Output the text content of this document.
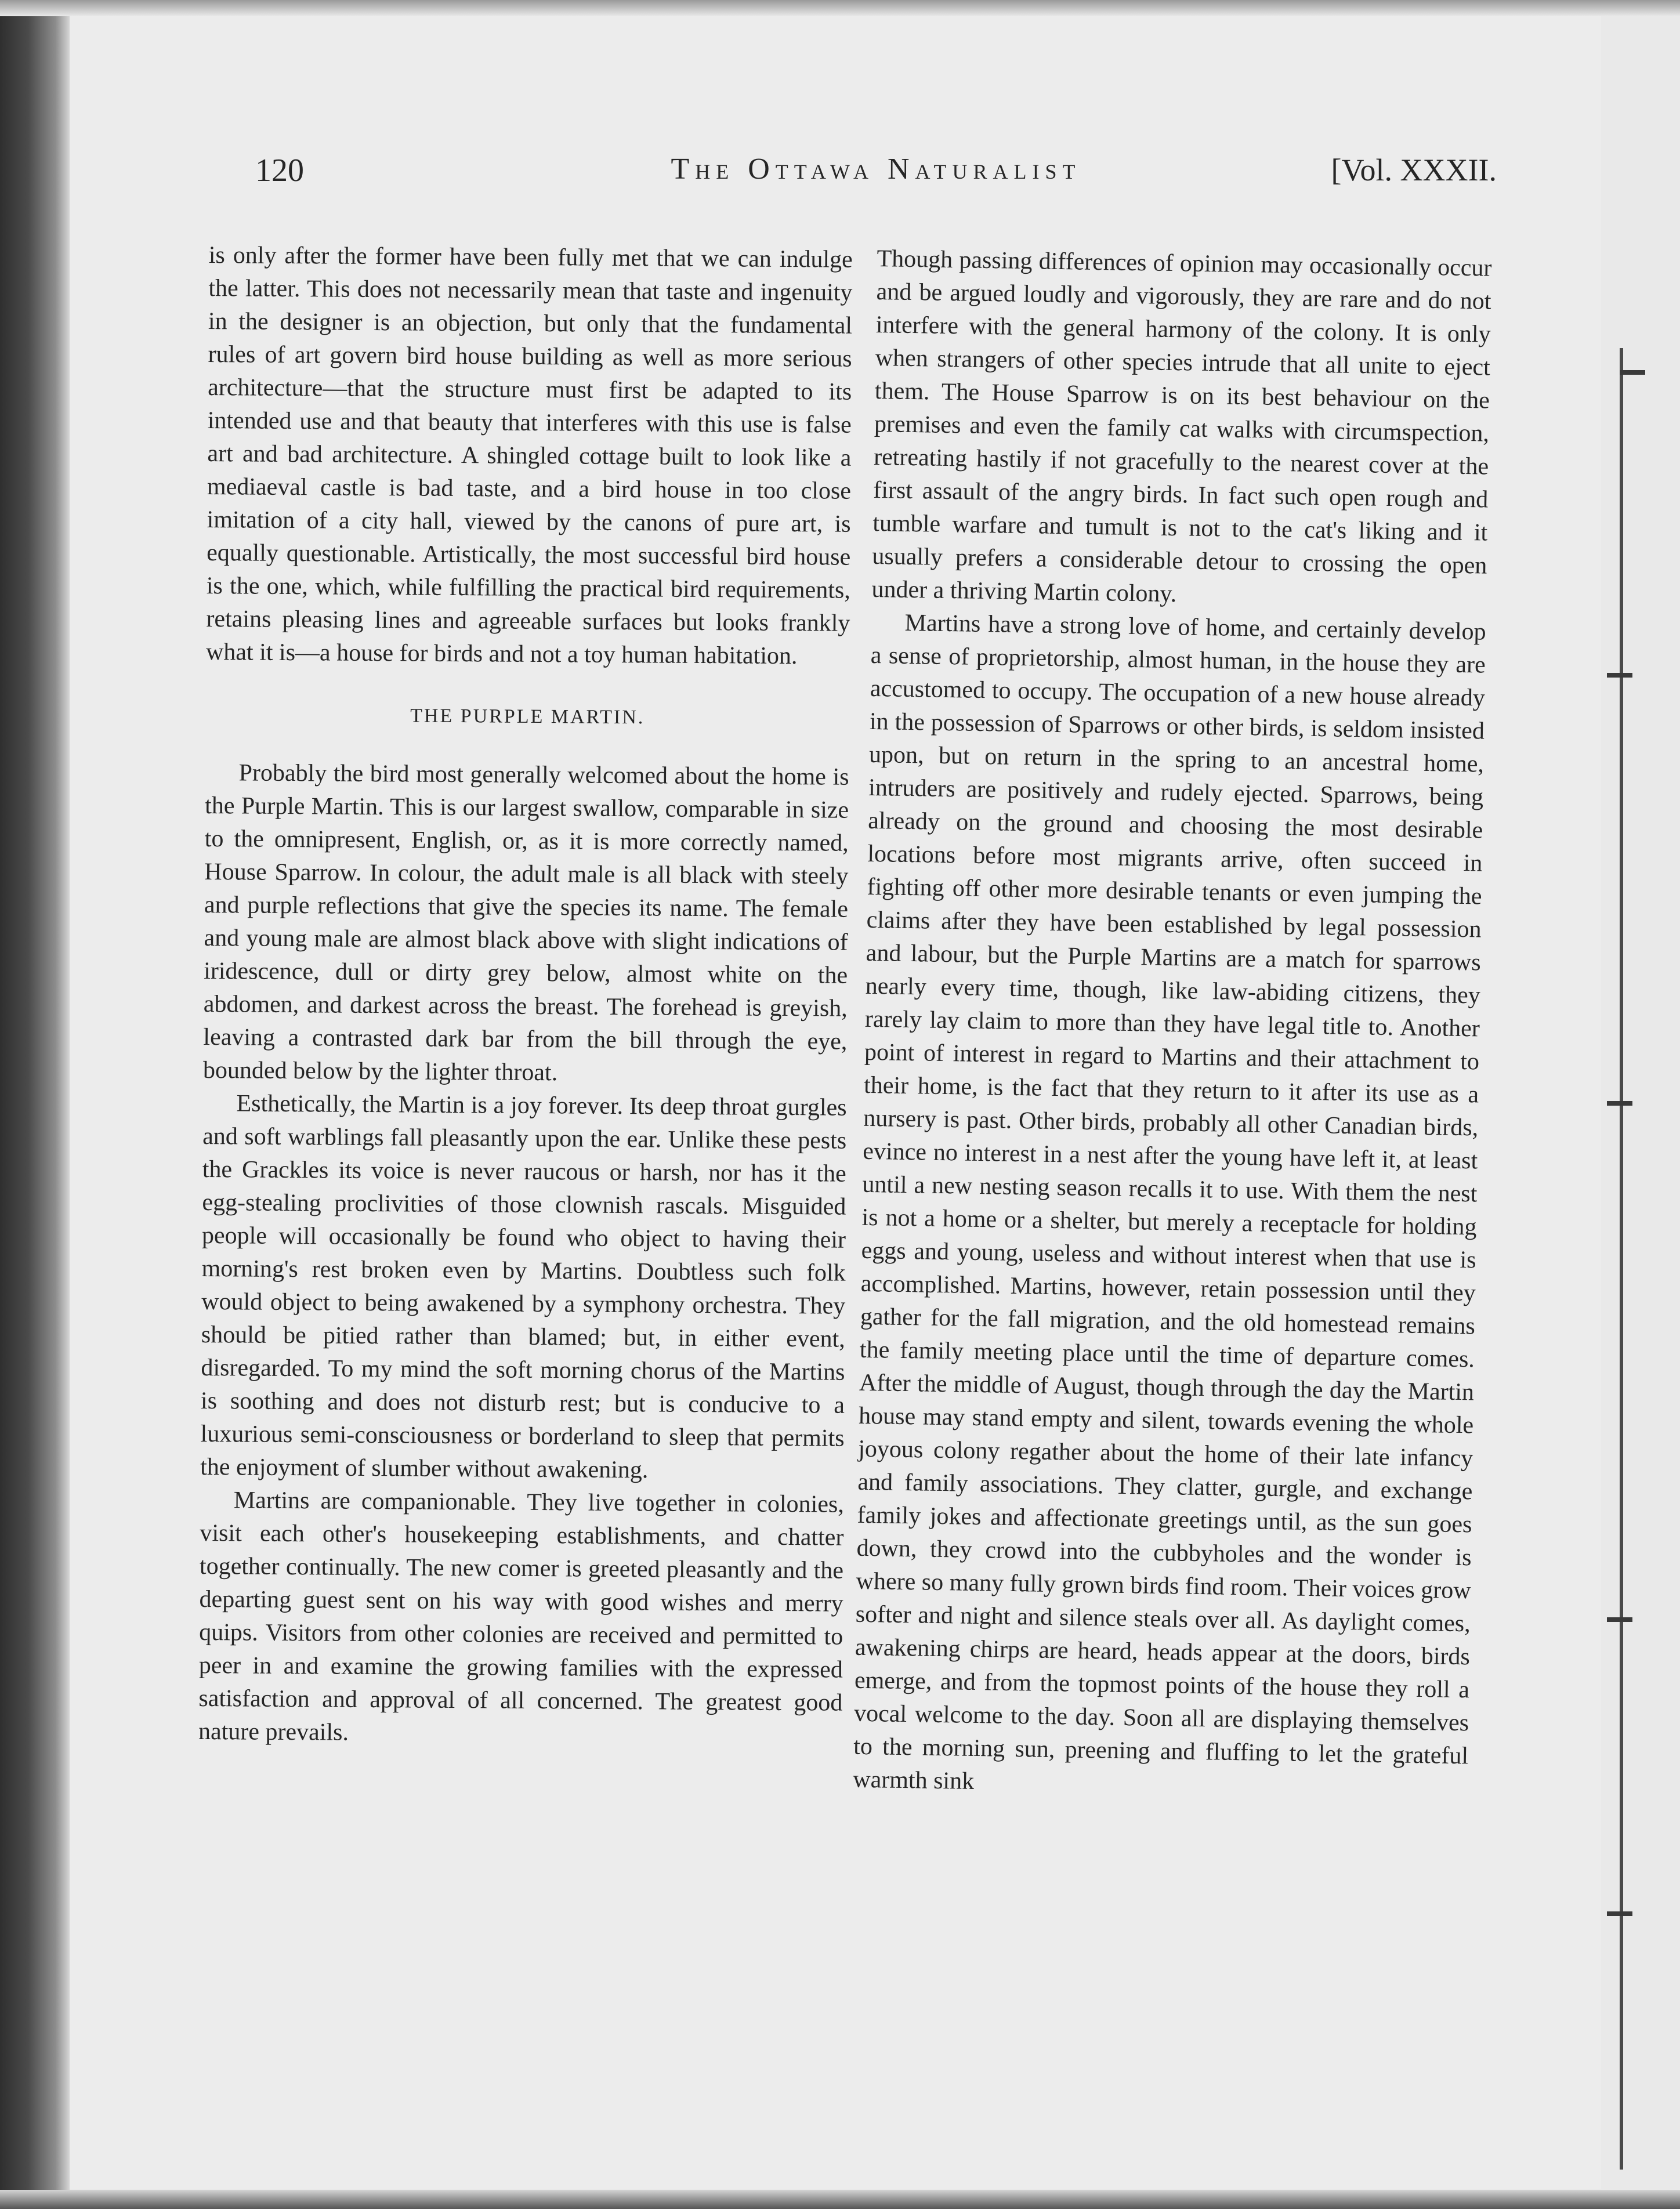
120	The Ottawa Naturalist	[Vol. XXXII.

is only after the former have been fully met that we can indulge the latter. This does not necessarily mean that taste and ingenuity in the designer is an objection, but only that the fundamental rules of art govern bird house building as well as more serious architecture—that the structure must first be adapted to its intended use and that beauty that interferes with this use is false art and bad architecture. A shingled cottage built to look like a mediaeval castle is bad taste, and a bird house in too close imitation of a city hall, viewed by the canons of pure art, is equally questionable. Artistically, the most successful bird house is the one, which, while fulfilling the practical bird requirements, retains pleasing lines and agreeable surfaces but looks frankly what it is—a house for birds and not a toy human habitation.

THE PURPLE MARTIN.

Probably the bird most generally welcomed about the home is the Purple Martin. This is our largest swallow, comparable in size to the omnipresent, English, or, as it is more correctly named, House Sparrow. In colour, the adult male is all black with steely and purple reflections that give the species its name. The female and young male are almost black above with slight indications of iridescence, dull or dirty grey below, almost white on the abdomen, and darkest across the breast. The forehead is greyish, leaving a contrasted dark bar from the bill through the eye, bounded below by the lighter throat.

Esthetically, the Martin is a joy forever. Its deep throat gurgles and soft warblings fall pleasantly upon the ear. Unlike these pests the Grackles its voice is never raucous or harsh, nor has it the egg-stealing proclivities of those clownish rascals. Misguided people will occasionally be found who object to having their morning's rest broken even by Martins. Doubtless such folk would object to being awakened by a symphony orchestra. They should be pitied rather than blamed; but, in either event, disregarded. To my mind the soft morning chorus of the Martins is soothing and does not disturb rest; but is conducive to a luxurious semi-consciousness or borderland to sleep that permits the enjoyment of slumber without awakening.

Martins are companionable. They live together in colonies, visit each other's housekeeping establishments, and chatter together continually. The new comer is greeted pleasantly and the departing guest sent on his way with good wishes and merry quips. Visitors from other colonies are received and permitted to peer in and examine the growing families with the expressed satisfaction and approval of all concerned. The greatest good nature prevails.

Though passing differences of opinion may occasionally occur and be argued loudly and vigorously, they are rare and do not interfere with the general harmony of the colony. It is only when strangers of other species intrude that all unite to eject them. The House Sparrow is on its best behaviour on the premises and even the family cat walks with circumspection, retreating hastily if not gracefully to the nearest cover at the first assault of the angry birds. In fact such open rough and tumble warfare and tumult is not to the cat's liking and it usually prefers a considerable detour to crossing the open under a thriving Martin colony.

Martins have a strong love of home, and certainly develop a sense of proprietorship, almost human, in the house they are accustomed to occupy. The occupation of a new house already in the possession of Sparrows or other birds, is seldom insisted upon, but on return in the spring to an ancestral home, intruders are positively and rudely ejected. Sparrows, being already on the ground and choosing the most desirable locations before most migrants arrive, often succeed in fighting off other more desirable tenants or even jumping the claims after they have been established by legal possession and labour, but the Purple Martins are a match for sparrows nearly every time, though, like law-abiding citizens, they rarely lay claim to more than they have legal title to. Another point of interest in regard to Martins and their attachment to their home, is the fact that they return to it after its use as a nursery is past. Other birds, probably all other Canadian birds, evince no interest in a nest after the young have left it, at least until a new nesting season recalls it to use. With them the nest is not a home or a shelter, but merely a receptacle for holding eggs and young, useless and without interest when that use is accomplished. Martins, however, retain possession until they gather for the fall migration, and the old homestead remains the family meeting place until the time of departure comes. After the middle of August, though through the day the Martin house may stand empty and silent, towards evening the whole joyous colony regather about the home of their late infancy and family associations. They clatter, gurgle, and exchange family jokes and affectionate greetings until, as the sun goes down, they crowd into the cubbyholes and the wonder is where so many fully grown birds find room. Their voices grow softer and night and silence steals over all. As daylight comes, awakening chirps are heard, heads appear at the doors, birds emerge, and from the topmost points of the house they roll a vocal welcome to the day. Soon all are displaying themselves to the morning sun, preening and fluffing to let the grateful warmth sink
